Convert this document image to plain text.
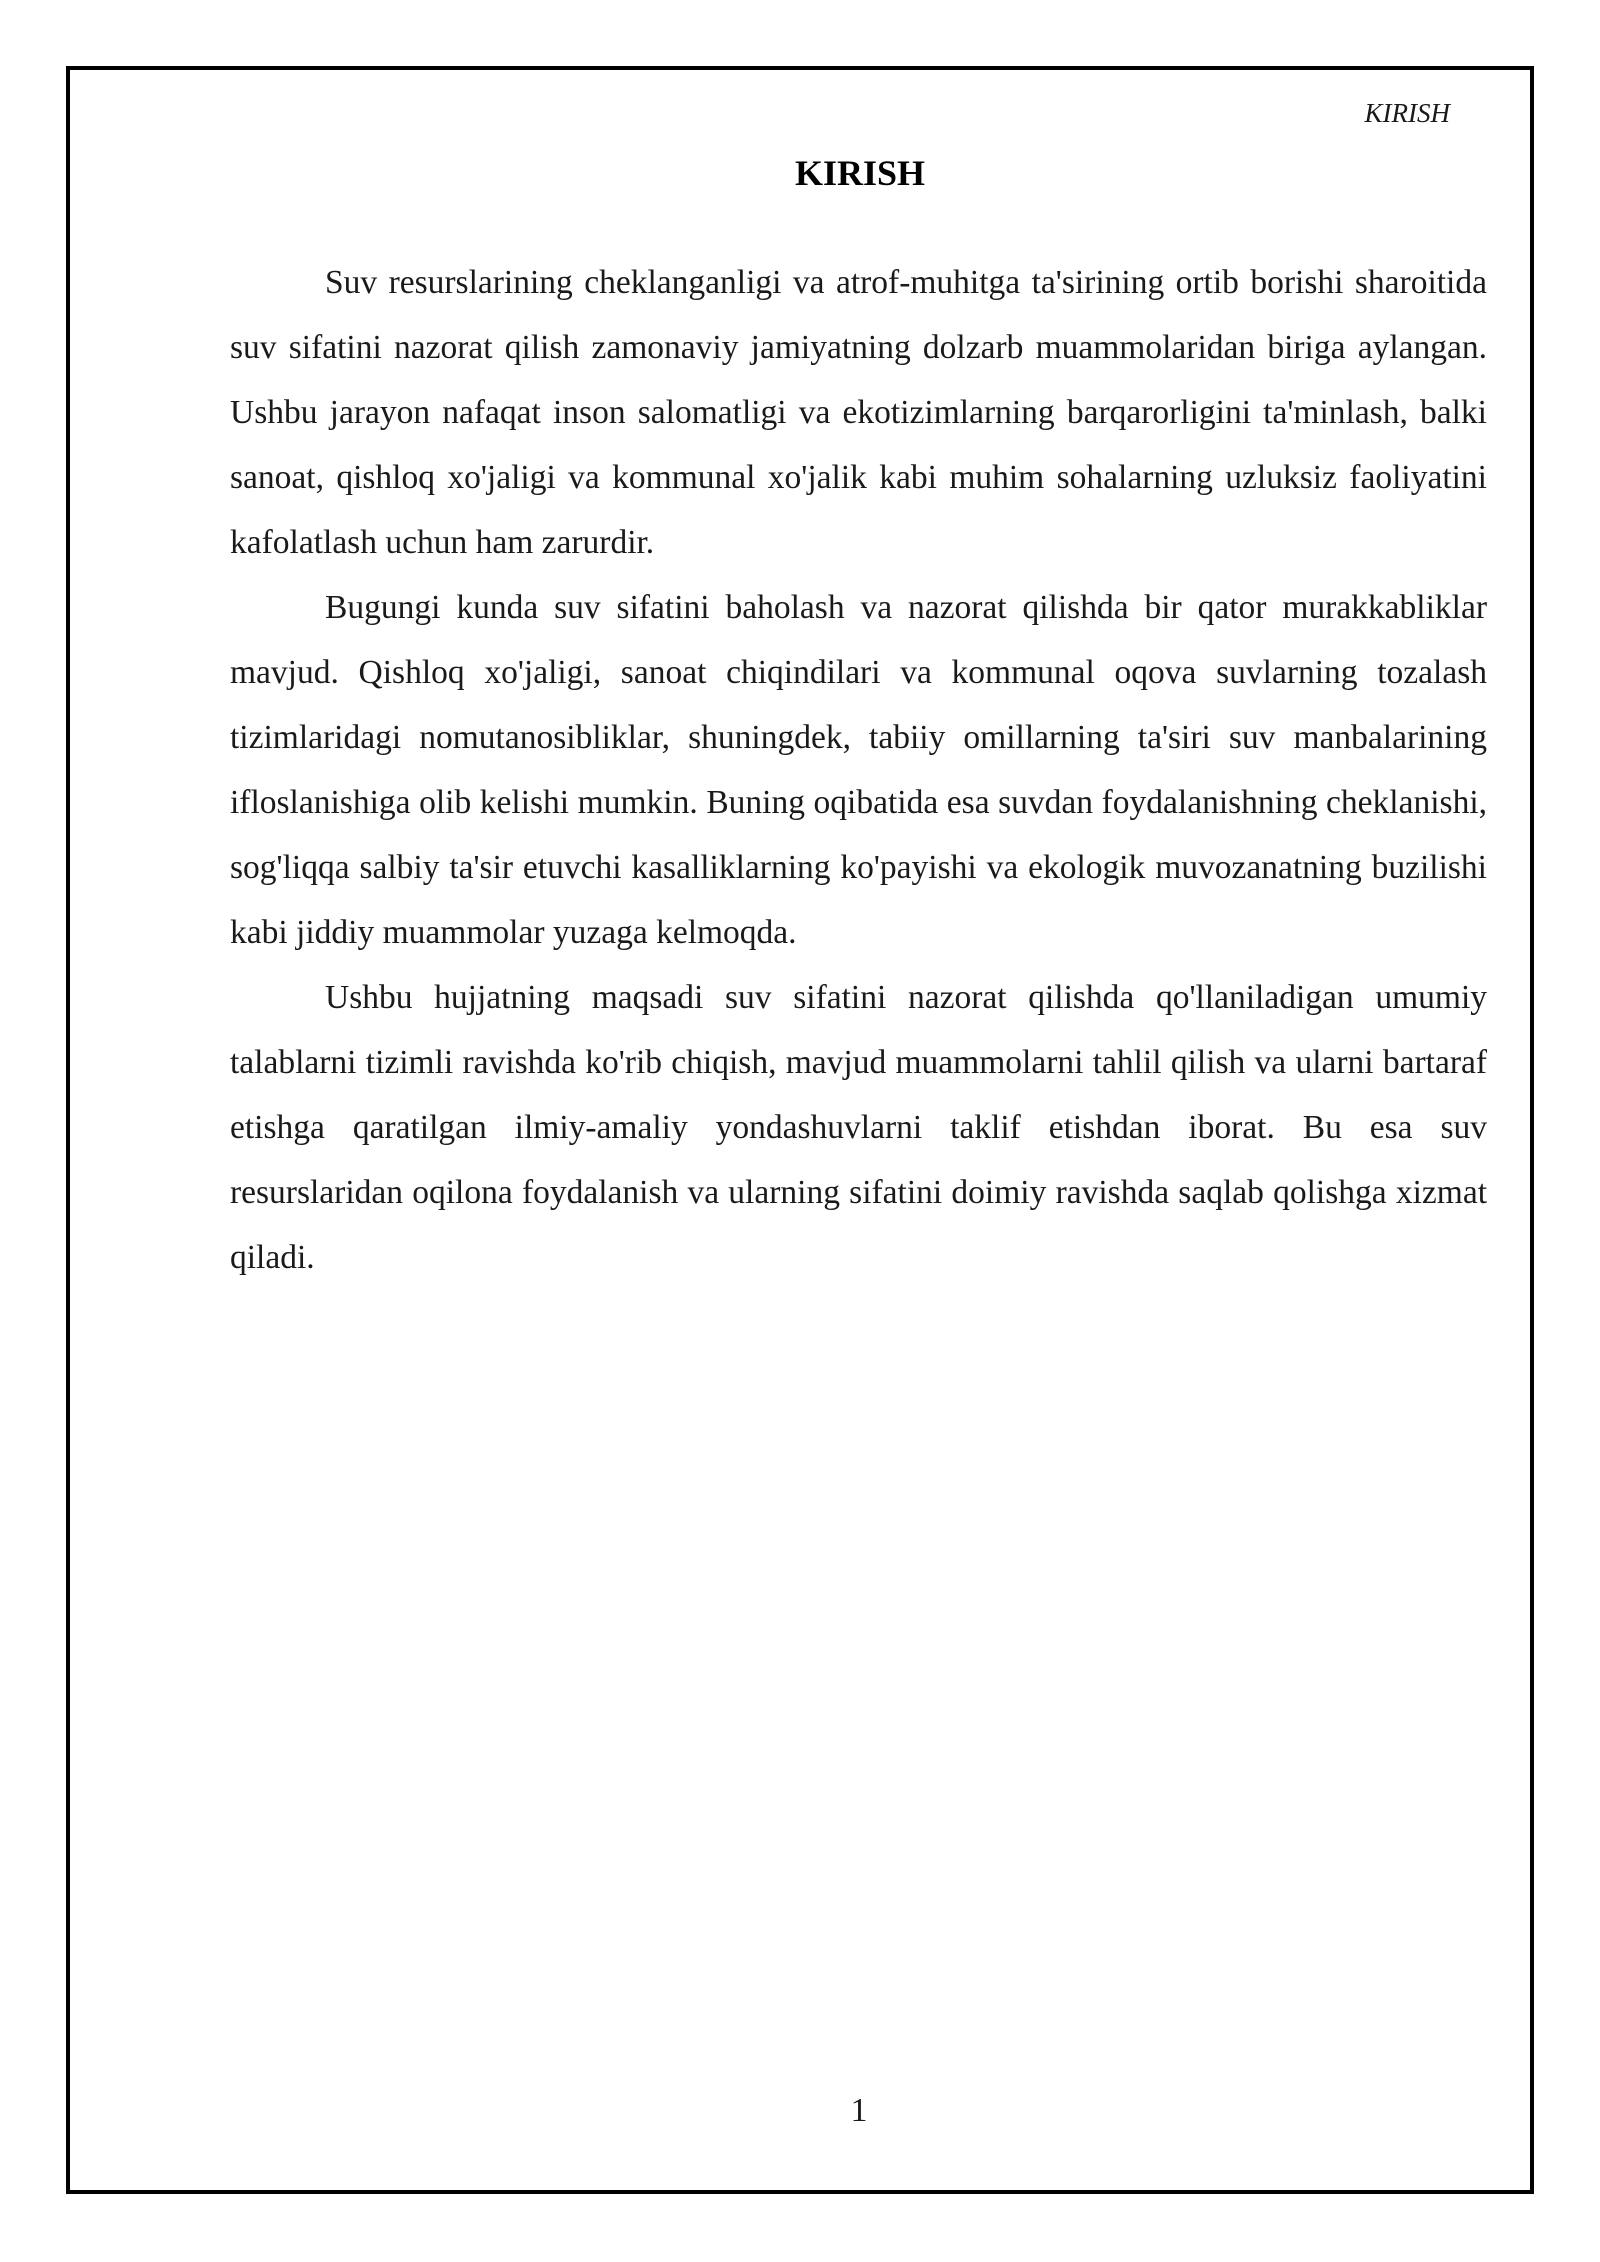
KIRISH
KIRISH

Suv resurslarining cheklanganligi va atrof-muhitga ta'sirining ortib borishi sharoitida suv sifatini nazorat qilish zamonaviy jamiyatning dolzarb muammolaridan biriga aylangan. Ushbu jarayon nafaqat inson salomatligi va ekotizimlarning barqarorligini ta'minlash, balki sanoat, qishloq xo'jaligi va kommunal xo'jalik kabi muhim sohalarning uzluksiz faoliyatini kafolatlash uchun ham zarurdir.

Bugungi kunda suv sifatini baholash va nazorat qilishda bir qator murakkabliklar mavjud. Qishloq xo'jaligi, sanoat chiqindilari va kommunal oqova suvlarning tozalash tizimlaridagi nomutanosibliklar, shuningdek, tabiiy omillarning ta'siri suv manbalarining ifloslanishiga olib kelishi mumkin. Buning oqibatida esa suvdan foydalanishning cheklanishi, sog'liqqa salbiy ta'sir etuvchi kasalliklarning ko'payishi va ekologik muvozanatning buzilishi kabi jiddiy muammolar yuzaga kelmoqda.

Ushbu hujjatning maqsadi suv sifatini nazorat qilishda qo'llaniladigan umumiy talablarni tizimli ravishda ko'rib chiqish, mavjud muammolarni tahlil qilish va ularni bartaraf etishga qaratilgan ilmiy-amaliy yondashuvlarni taklif etishdan iborat. Bu esa suv resurslaridan oqilona foydalanish va ularning sifatini doimiy ravishda saqlab qolishga xizmat qiladi.

1
